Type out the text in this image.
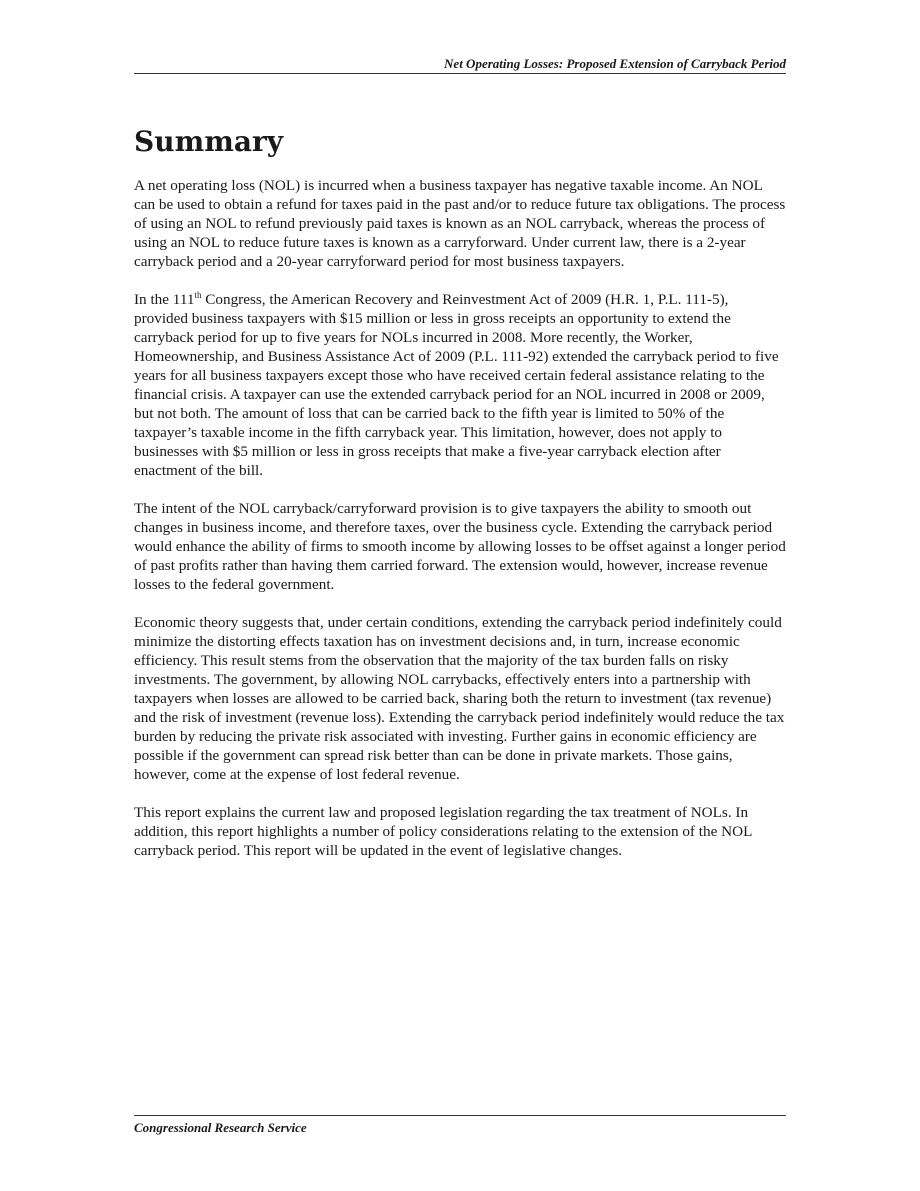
Net Operating Losses: Proposed Extension of Carryback Period
Summary

A net operating loss (NOL) is incurred when a business taxpayer has negative taxable income. An NOL can be used to obtain a refund for taxes paid in the past and/or to reduce future tax obligations. The process of using an NOL to refund previously paid taxes is known as an NOL carryback, whereas the process of using an NOL to reduce future taxes is known as a carryforward. Under current law, there is a 2-year carryback period and a 20-year carryforward period for most business taxpayers.

In the 111th Congress, the American Recovery and Reinvestment Act of 2009 (H.R. 1, P.L. 111-5), provided business taxpayers with $15 million or less in gross receipts an opportunity to extend the carryback period for up to five years for NOLs incurred in 2008. More recently, the Worker, Homeownership, and Business Assistance Act of 2009 (P.L. 111-92) extended the carryback period to five years for all business taxpayers except those who have received certain federal assistance relating to the financial crisis. A taxpayer can use the extended carryback period for an NOL incurred in 2008 or 2009, but not both. The amount of loss that can be carried back to the fifth year is limited to 50% of the taxpayer’s taxable income in the fifth carryback year. This limitation, however, does not apply to businesses with $5 million or less in gross receipts that make a five-year carryback election after enactment of the bill.

The intent of the NOL carryback/carryforward provision is to give taxpayers the ability to smooth out changes in business income, and therefore taxes, over the business cycle. Extending the carryback period would enhance the ability of firms to smooth income by allowing losses to be offset against a longer period of past profits rather than having them carried forward. The extension would, however, increase revenue losses to the federal government.

Economic theory suggests that, under certain conditions, extending the carryback period indefinitely could minimize the distorting effects taxation has on investment decisions and, in turn, increase economic efficiency. This result stems from the observation that the majority of the tax burden falls on risky investments. The government, by allowing NOL carrybacks, effectively enters into a partnership with taxpayers when losses are allowed to be carried back, sharing both the return to investment (tax revenue) and the risk of investment (revenue loss). Extending the carryback period indefinitely would reduce the tax burden by reducing the private risk associated with investing. Further gains in economic efficiency are possible if the government can spread risk better than can be done in private markets. Those gains, however, come at the expense of lost federal revenue.

This report explains the current law and proposed legislation regarding the tax treatment of NOLs. In addition, this report highlights a number of policy considerations relating to the extension of the NOL carryback period. This report will be updated in the event of legislative changes.

Congressional Research Service
